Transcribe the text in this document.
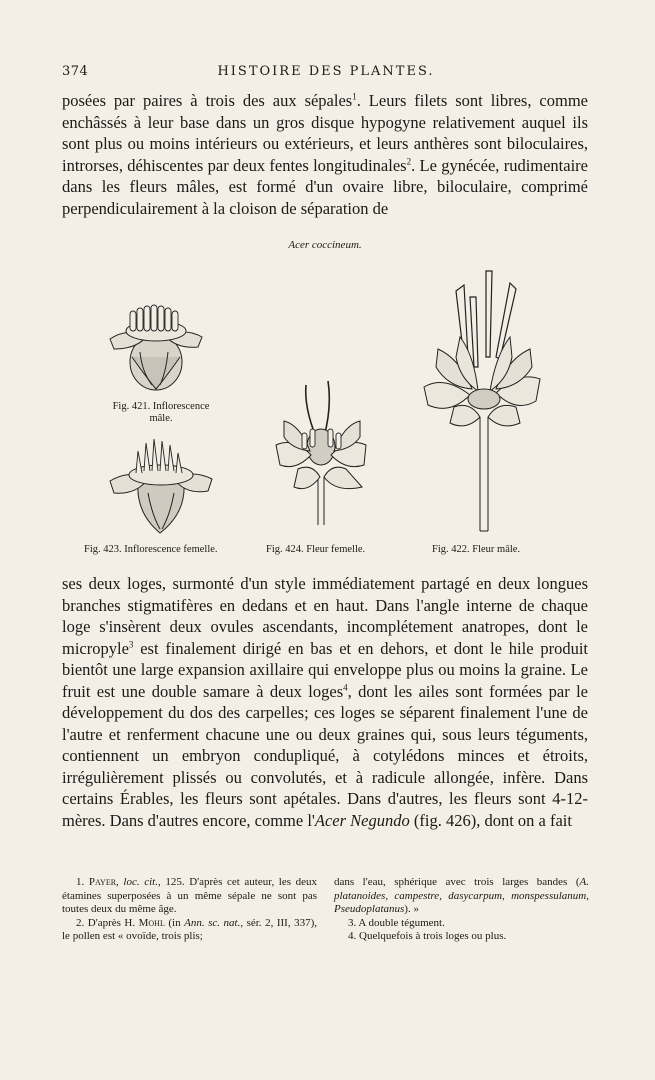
374	HISTOIRE DES PLANTES.
posées par paires à trois des aux sépales$^1$. Leurs filets sont libres, comme enchâssés à leur base dans un gros disque hypogyne relativement auquel ils sont plus ou moins intérieurs ou extérieurs, et leurs anthères sont biloculaires, introrses, déhiscentes par deux fentes longitudinales$^2$. Le gynécée, rudimentaire dans les fleurs mâles, est formé d'un ovaire libre, biloculaire, comprimé perpendiculairement à la cloison de séparation de
Acer coccineum.
Fig. 421. Inflorescence
mâle.
Fig. 423. Inflorescence femelle.	Fig. 424. Fleur femelle.	Fig. 422. Fleur mâle.
ses deux loges, surmonté d'un style immédiatement partagé en deux longues branches stigmatifères en dedans et en haut. Dans l'angle interne de chaque loge s'insèrent deux ovules ascendants, incomplétement anatropes, dont le micropyle$^3$ est finalement dirigé en bas et en dehors, et dont le hile produit bientôt une large expansion axillaire qui enveloppe plus ou moins la graine. Le fruit est une double samare à deux loges$^4$, dont les ailes sont formées par le développement du dos des carpelles; ces loges se séparent finalement l'une de l'autre et renferment chacune une ou deux graines qui, sous leurs téguments, contiennent un embryon condupliqué, à cotylédons minces et étroits, irrégulièrement plissés ou convolutés, et à radicule allongée, infère. Dans certains Érables, les fleurs sont apétales. Dans d'autres, les fleurs sont 4-12-mères. Dans d'autres encore, comme l'Acer Negundo (fig. 426), dont on a fait

1. Payer, loc. cit., 125. D'après cet auteur, les deux étamines superposées à un même sépale ne sont pas toutes deux du même âge.

2. D'après H. Mohl (in Ann. sc. nat., sér. 2, III, 337), le pollen est « ovoïde, trois plis;

dans l'eau, sphérique avec trois larges bandes (A. platanoides, campestre, dasycarpum, monspessulanum, Pseudoplatanus). »

3. A double tégument.

4. Quelquefois à trois loges ou plus.
